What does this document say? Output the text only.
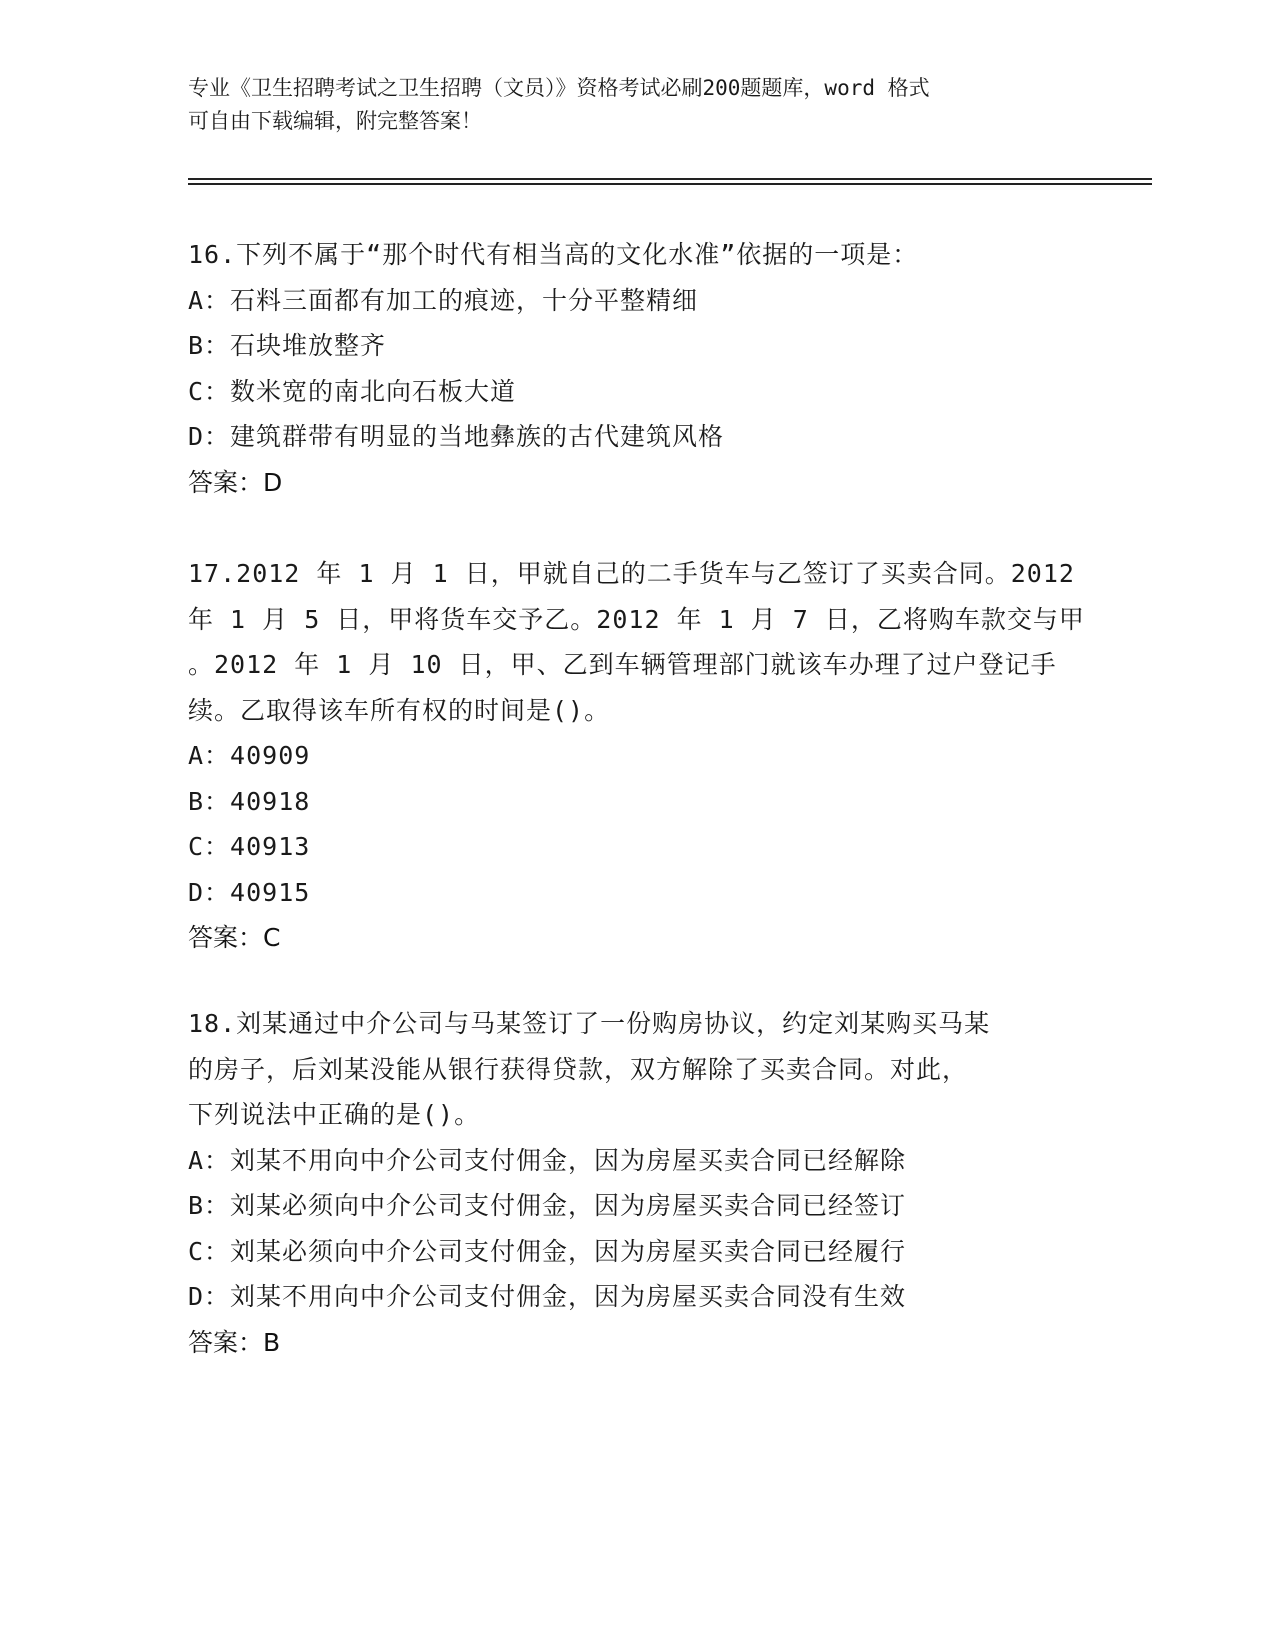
专业《卫生招聘考试之卫生招聘（文员）》资格考试必刷200题题库，word 格式
可自由下载编辑，附完整答案！
16.下列不属于“那个时代有相当高的文化水准”依据的一项是：
A：石料三面都有加工的痕迹，十分平整精细
B：石块堆放整齐
C：数米宽的南北向石板大道
D：建筑群带有明显的当地彝族的古代建筑风格
答案：D
17.2012 年 1 月 1 日，甲就自己的二手货车与乙签订了买卖合同。2012
年 1 月 5 日，甲将货车交予乙。2012 年 1 月 7 日，乙将购车款交与甲
。2012 年 1 月 10 日，甲、乙到车辆管理部门就该车办理了过户登记手
续。乙取得该车所有权的时间是()。
A：40909
B：40918
C：40913
D：40915
答案：C
18.刘某通过中介公司与马某签订了一份购房协议，约定刘某购买马某
的房子，后刘某没能从银行获得贷款，双方解除了买卖合同。对此，
下列说法中正确的是()。
A：刘某不用向中介公司支付佣金，因为房屋买卖合同已经解除
B：刘某必须向中介公司支付佣金，因为房屋买卖合同已经签订
C：刘某必须向中介公司支付佣金，因为房屋买卖合同已经履行
D：刘某不用向中介公司支付佣金，因为房屋买卖合同没有生效
答案：B
